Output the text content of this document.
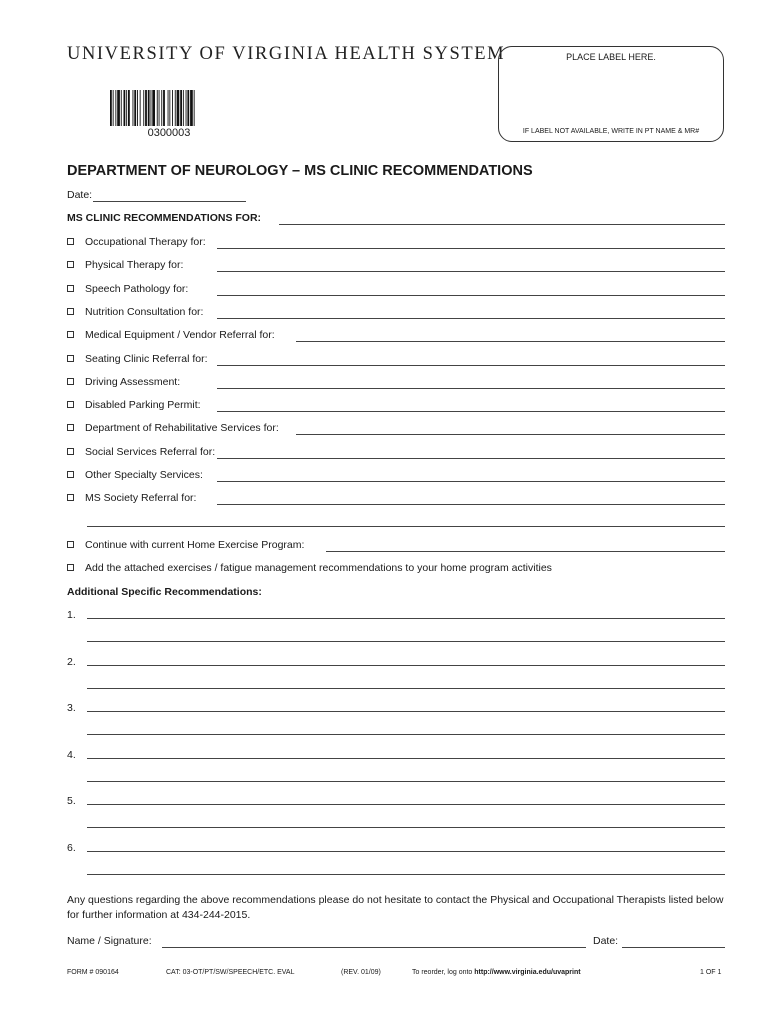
UNIVERSITY OF VIRGINIA HEALTH SYSTEM
0300003
PLACE LABEL HERE.
IF LABEL NOT AVAILABLE, WRITE IN PT NAME & MR#
DEPARTMENT OF NEUROLOGY – MS CLINIC RECOMMENDATIONS
Date:
MS CLINIC RECOMMENDATIONS FOR:
Occupational Therapy for:
Physical Therapy for:
Speech Pathology for:
Nutrition Consultation for:
Medical Equipment / Vendor Referral for:
Seating Clinic Referral for:
Driving Assessment:
Disabled Parking Permit:
Department of Rehabilitative Services for:
Social Services Referral for:
Other Specialty Services:
MS Society Referral for:
Continue with current Home Exercise Program:
Add the attached exercises / fatigue management recommendations to your home program activities
Additional Specific Recommendations:
1.
2.
3.
4.
5.
6.
Any questions regarding the above recommendations please do not hesitate to contact the Physical and Occupational Therapists listed below for further information at 434-244-2015.
Name / Signature:	Date:
FORM # 090164	CAT: 03-OT/PT/SW/SPEECH/ETC. EVAL	(REV. 01/09)	To reorder, log onto http://www.virginia.edu/uvaprint	1 OF 1
